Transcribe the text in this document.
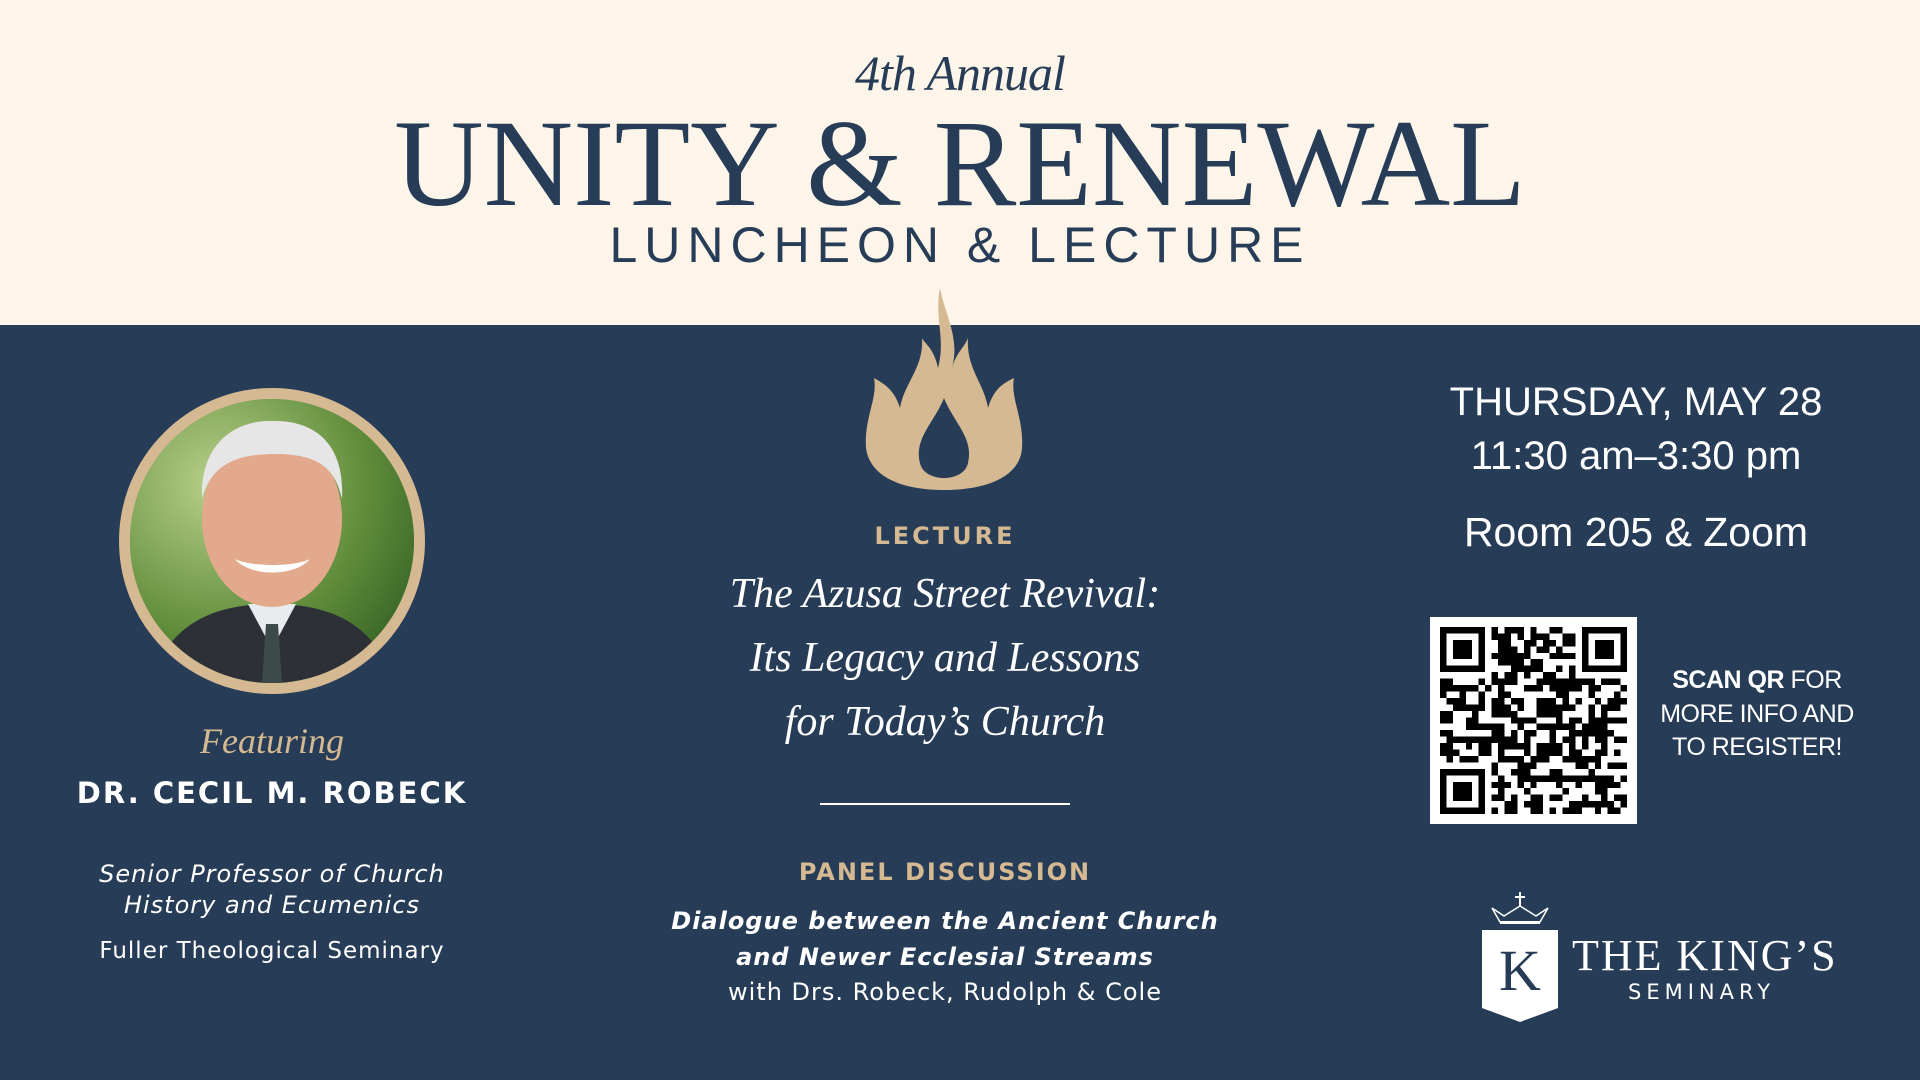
4th Annual
UNITY & RENEWAL
LUNCHEON & LECTURE
Featuring
DR. CECIL M. ROBECK
Senior Professor of Church
History and Ecumenics
Fuller Theological Seminary
LECTURE
The Azusa Street Revival:
Its Legacy and Lessons
for Today’s Church
PANEL DISCUSSION
Dialogue between the Ancient Church
and Newer Ecclesial Streams
with Drs. Robeck, Rudolph & Cole
THURSDAY, MAY 28
11:30 am–3:30 pm
Room 205 & Zoom
SCAN QR FOR
MORE INFO AND
TO REGISTER!
K THE KING’S
SEMINARY
